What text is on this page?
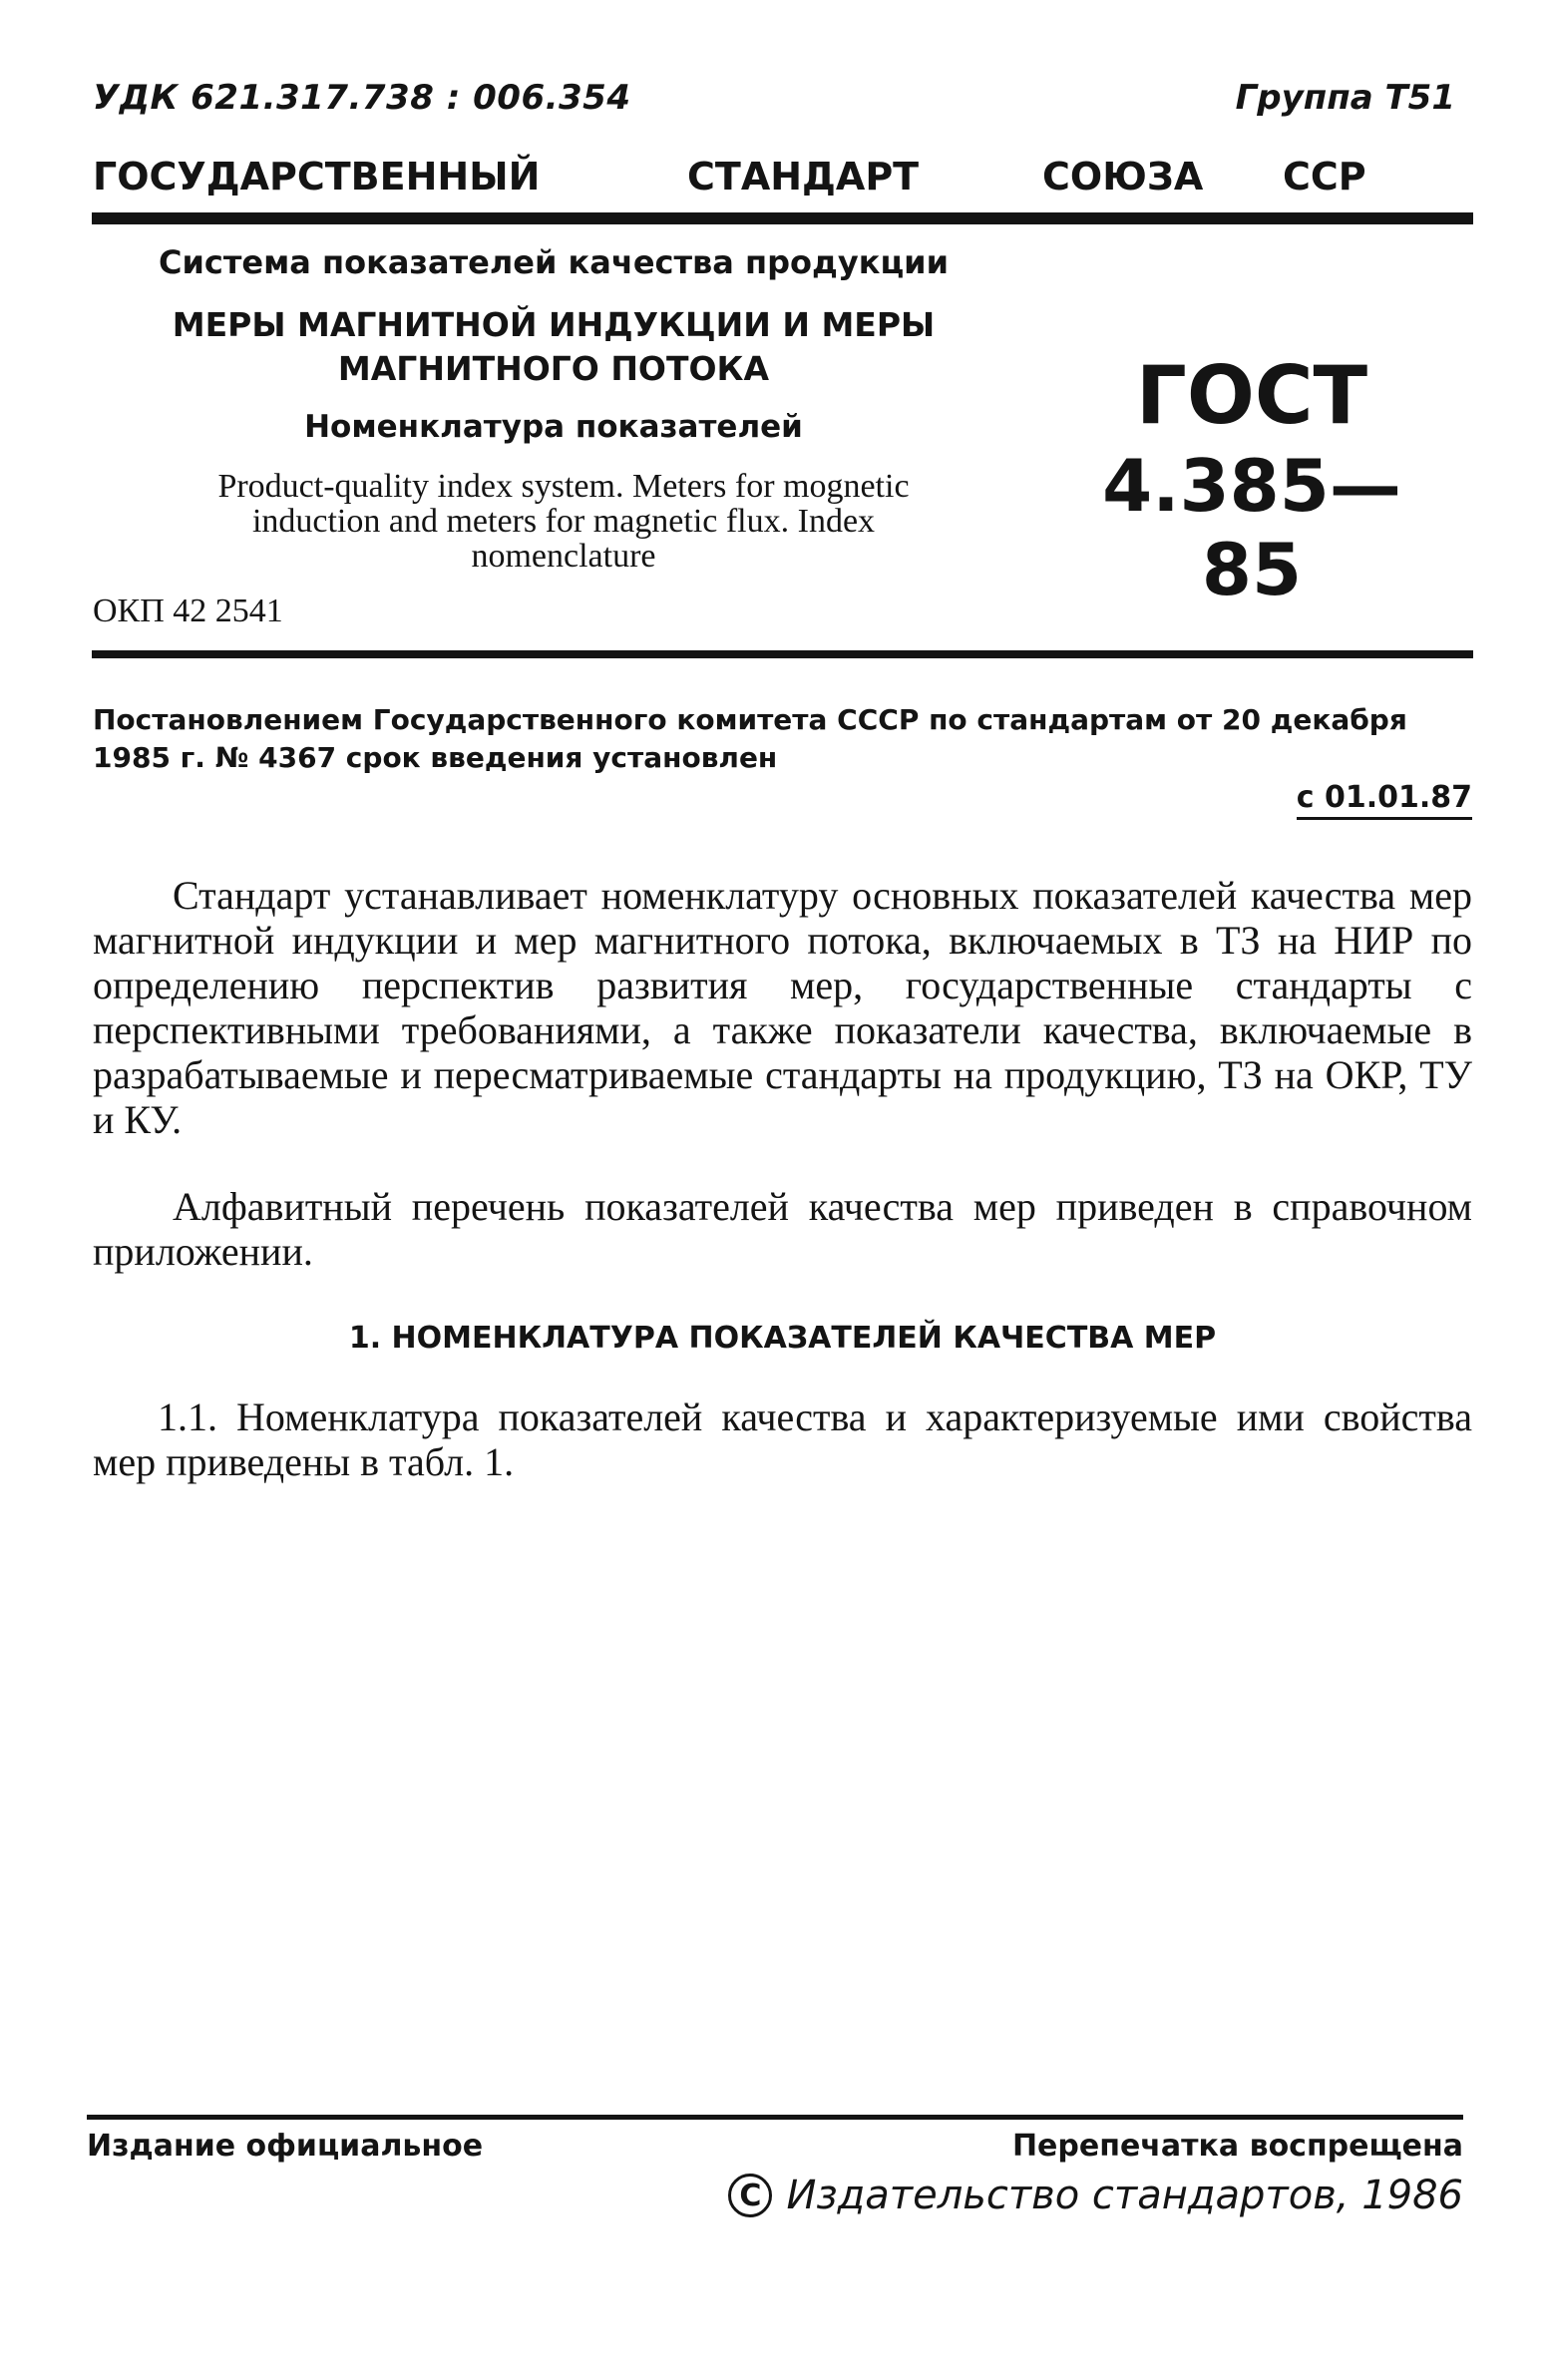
УДК 621.317.738 : 006.354	Группа Т51
ГОСУДАРСТВЕННЫЙ	СТАНДАРТ	СОЮЗА	ССР
Система показателей качества продукции
МЕРЫ МАГНИТНОЙ ИНДУКЦИИ И МЕРЫ
МАГНИТНОГО ПОТОКА
Номенклатура показателей
Product-quality index system. Meters for mognetic
induction and meters for magnetic flux. Index
nomenclature
ОКП 42 2541
ГОСТ
4.385—85
Постановлением Государственного комитета СССР по стандартам от 20 декабря 1985 г. № 4367 срок введения установлен
с 01.01.87
Стандарт устанавливает номенклатуру основных показателей качества мер магнитной индукции и мер магнитного потока, включаемых в ТЗ на НИР по определению перспектив развития мер, государственные стандарты с перспективными требованиями, а также показатели качества, включаемые в разрабатываемые и пересматриваемые стандарты на продукцию, ТЗ на ОКР, ТУ и КУ.
Алфавитный перечень показателей качества мер приведен в справочном приложении.
1. НОМЕНКЛАТУРА ПОКАЗАТЕЛЕЙ КАЧЕСТВА МЕР
1.1. Номенклатура показателей качества и характеризуемые ими свойства мер приведены в табл. 1.
Издание официальное	Перепечатка воспрещена
C Издательство стандартов, 1986
